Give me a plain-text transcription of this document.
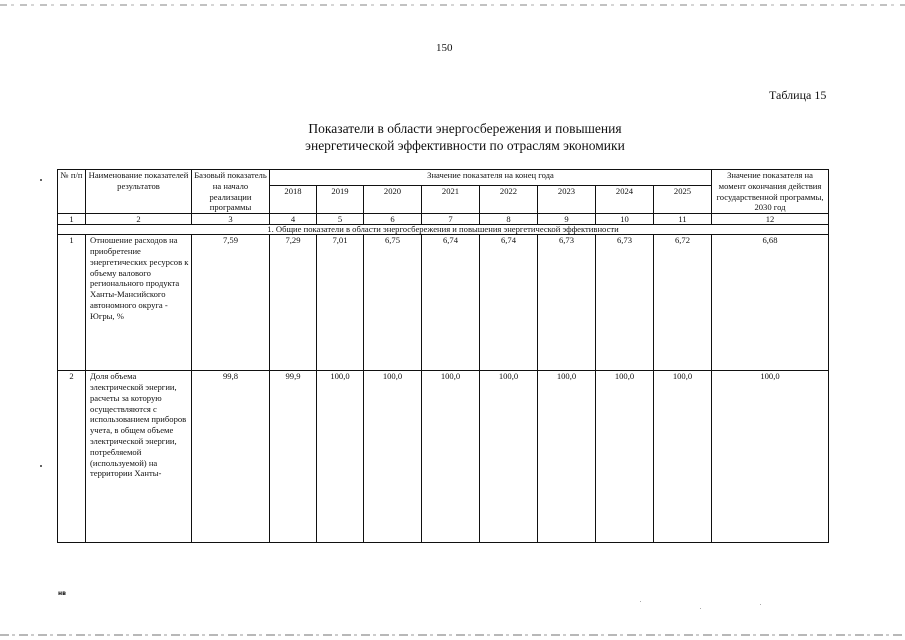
150
Таблица 15
Показатели в области энергосбережения и повышения
энергетической эффективности по отраслям экономики
№ п/п	Наименование показателей результатов	Базовый показатель на начало реализации программы	Значение показателя на конец года								Значение показателя на момент окончания действия государственной программы, 2030 год
			2018	2019	2020	2021	2022	2023	2024	2025	
1	2	3	4	5	6	7	8	9	10	11	12
1. Общие показатели в области энергосбережения и повышения энергетической эффективности											
1	Отношение расходов на приобретение энергетических ресурсов к объему валового регионального продукта Ханты-Мансийского автономного округа - Югры, %	7,59	7,29	7,01	6,75	6,74	6,74	6,73	6,73	6,72	6,68
2	Доля объема электрической энергии, расчеты за которую осуществляются с использованием приборов учета, в общем объеме электрической энергии, потребляемой (используемой) на территории Ханты-	99,8	99,9	100,0	100,0	100,0	100,0	100,0	100,0	100,0	100,0
нв
